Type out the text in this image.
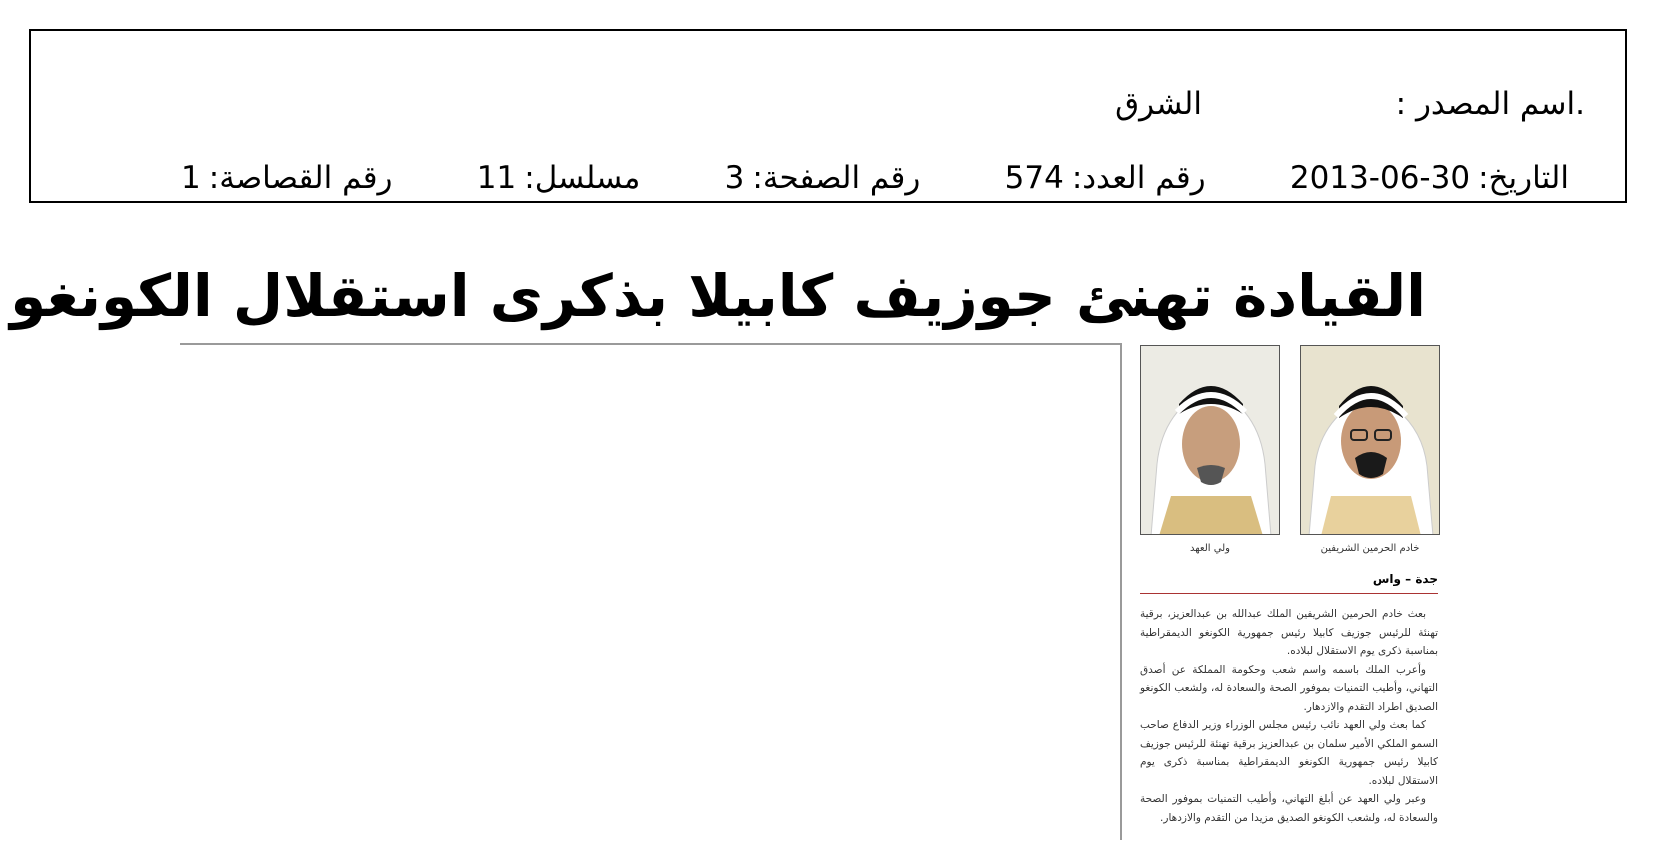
.اسم المصدر :
الشرق
التاريخ:2013-06-30
رقم العدد:574
رقم الصفحة:3
مسلسل:11
رقم القصاصة:1
القيادة تهنئ جوزيف كابيلا بذكرى استقلال الكونغو
خادم الحرمين الشريفين
ولي العهد
جدة – واس

بعث خادم الحرمين الشريفين الملك عبدالله بن عبدالعزيز، برقية تهنئة للرئيس جوزيف كابيلا رئيس جمهورية الكونغو الديمقراطية بمناسبة ذكرى يوم الاستقلال لبلاده.

وأعرب الملك باسمه واسم شعب وحكومة المملكة عن أصدق التهاني، وأطيب التمنيات بموفور الصحة والسعادة له، ولشعب الكونغو الصديق اطراد التقدم والازدهار.

كما بعث ولي العهد نائب رئيس مجلس الوزراء وزير الدفاع صاحب السمو الملكي الأمير سلمان بن عبدالعزيز برقية تهنئة للرئيس جوزيف كابيلا رئيس جمهورية الكونغو الديمقراطية بمناسبة ذكرى يوم الاستقلال لبلاده.

وعبر ولي العهد عن أبلغ التهاني، وأطيب التمنيات بموفور الصحة والسعادة له، ولشعب الكونغو الصديق مزيدا من التقدم والازدهار.
